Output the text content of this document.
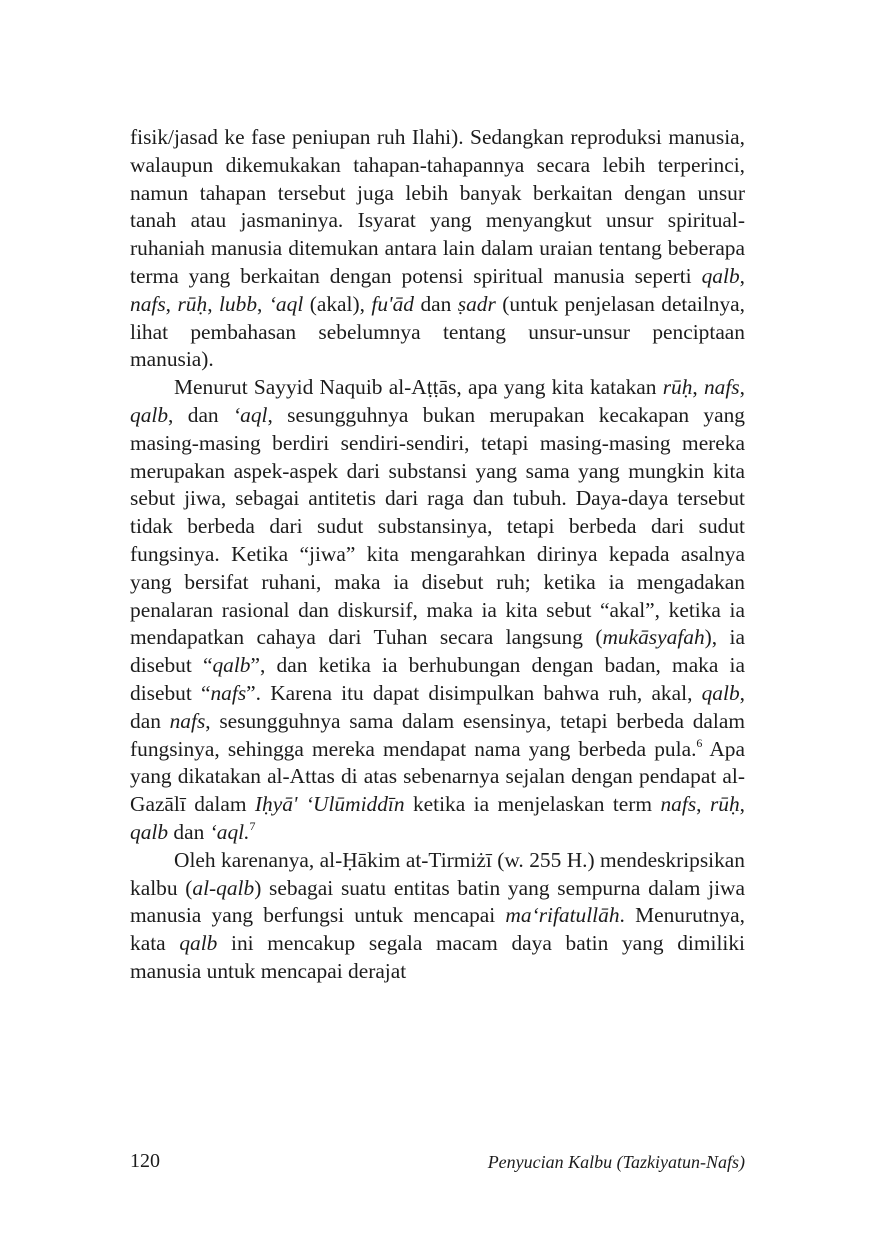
fisik/jasad ke fase peniupan ruh Ilahi). Sedangkan reproduksi manusia, walaupun dikemukakan tahapan-tahapannya secara lebih terperinci, namun tahapan tersebut juga lebih banyak berkaitan dengan unsur tanah atau jasmaninya. Isyarat yang menyangkut unsur spiritual-ruhaniah manusia ditemukan antara lain dalam uraian tentang beberapa terma yang berkaitan dengan potensi spiritual manusia seperti qalb, nafs, rūḥ, lubb, ‘aql (akal), fu'ād dan ṣadr (untuk penjelasan detailnya, lihat pembahasan sebelumnya tentang unsur-unsur penciptaan manusia).

Menurut Sayyid Naquib al-Aṭṭās, apa yang kita katakan rūḥ, nafs, qalb, dan ‘aql, sesungguhnya bukan merupakan kecakapan yang masing-masing berdiri sendiri-sendiri, tetapi masing-masing mereka merupakan aspek-aspek dari substansi yang sama yang mungkin kita sebut jiwa, sebagai antitetis dari raga dan tubuh. Daya-daya tersebut tidak berbeda dari sudut substansinya, tetapi berbeda dari sudut fungsinya. Ketika “jiwa” kita mengarahkan dirinya kepada asalnya yang bersifat ruhani, maka ia disebut ruh; ketika ia mengadakan penalaran rasional dan diskursif, maka ia kita sebut “akal”, ketika ia mendapatkan cahaya dari Tuhan secara langsung (mukāsyafah), ia disebut “qalb”, dan ketika ia berhubungan dengan badan, maka ia disebut “nafs”. Karena itu dapat disimpulkan bahwa ruh, akal, qalb, dan nafs, sesungguhnya sama dalam esensinya, tetapi berbeda dalam fungsinya, sehingga mereka mendapat nama yang berbeda pula.$^6$ Apa yang dikatakan al-Attas di atas sebenarnya sejalan dengan pendapat al-Gazālī dalam Iḥyā' ‘Ulūmiddīn ketika ia menjelaskan term nafs, rūḥ, qalb dan ‘aql.$^7$

Oleh karenanya, al-Ḥākim at-Tirmiżī (w. 255 H.) mendeskripsikan kalbu (al-qalb) sebagai suatu entitas batin yang sempurna dalam jiwa manusia yang berfungsi untuk mencapai ma‘rifatullāh. Menurutnya, kata qalb ini mencakup segala macam daya batin yang dimiliki manusia untuk mencapai derajat

120	Penyucian Kalbu (Tazkiyatun-Nafs)
